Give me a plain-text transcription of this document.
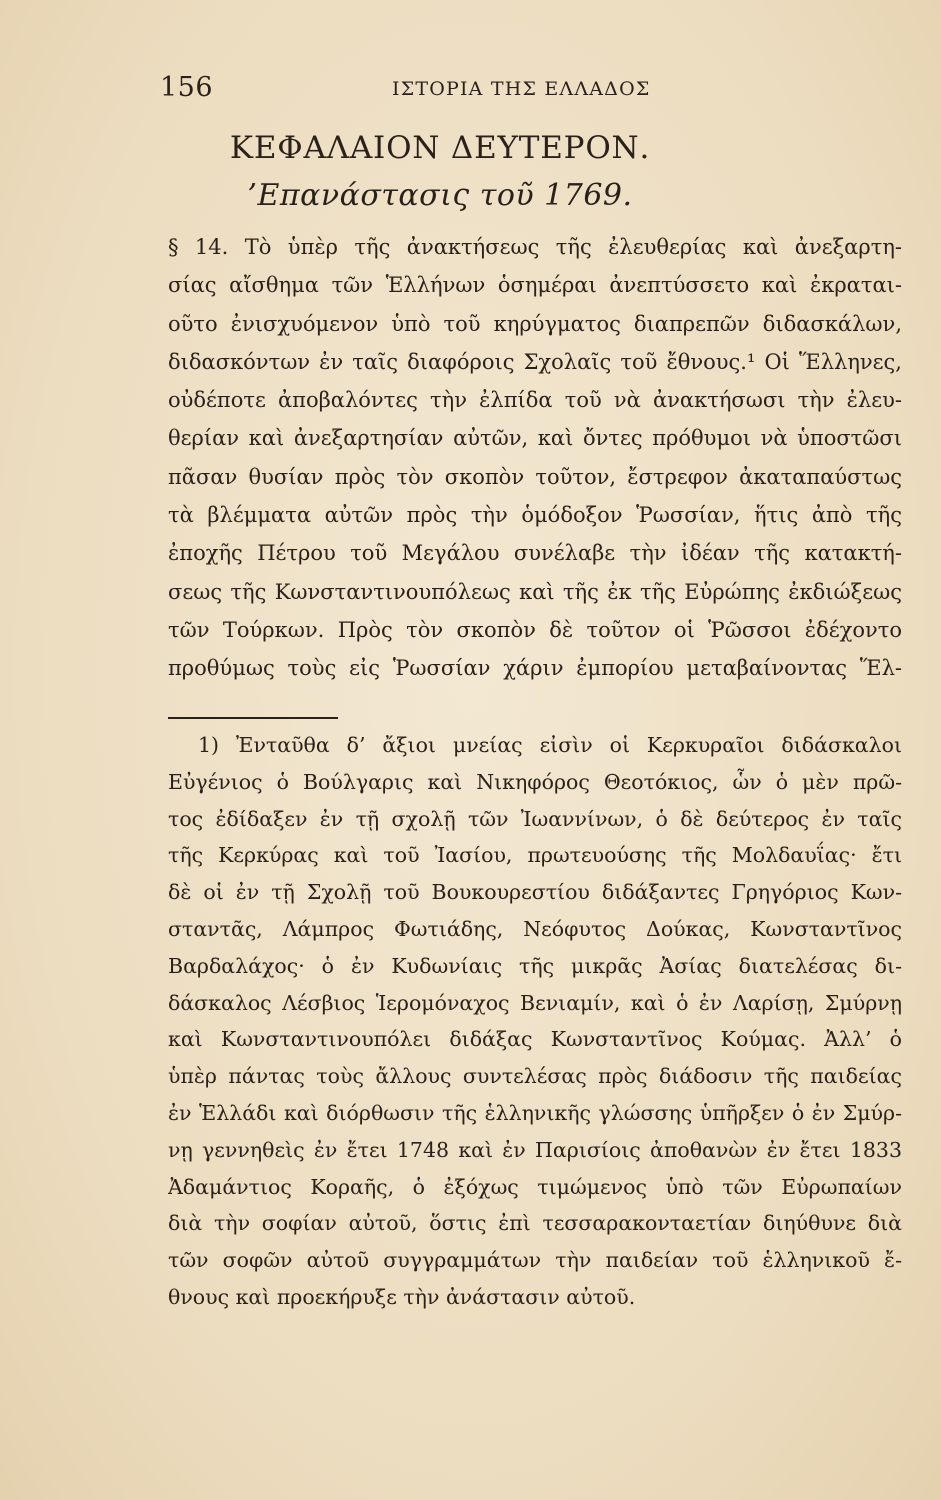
156	ΙΣΤΟΡΙΑ ΤΗΣ ΕΛΛΑΔΟΣ
ΚΕΦΑΛΑΙΟΝ ΔΕΥΤΕΡΟΝ.
’Επανάστασις τοῦ 1769.
§ 14. Τὸ ὑπὲρ τῆς ἀνακτήσεως τῆς ἐλευθερίας καὶ ἀνεξαρτη-
σίας αἴσθημα τῶν Ἑλλήνων ὁσημέραι ἀνεπτύσσετο καὶ ἐκραται-
οῦτο ἐνισχυόμενον ὑπὸ τοῦ κηρύγματος διαπρεπῶν διδασκάλων,
διδασκόντων ἐν ταῖς διαφόροις Σχολαῖς τοῦ ἔθνους.¹ Οἱ Ἕλληνες,
οὐδέποτε ἀποβαλόντες τὴν ἐλπίδα τοῦ νὰ ἀνακτήσωσι τὴν ἐλευ-
θερίαν καὶ ἀνεξαρτησίαν αὐτῶν, καὶ ὄντες πρόθυμοι νὰ ὑποστῶσι
πᾶσαν θυσίαν πρὸς τὸν σκοπὸν τοῦτον, ἔστρεφον ἀκαταπαύστως
τὰ βλέμματα αὐτῶν πρὸς τὴν ὁμόδοξον Ῥωσσίαν, ἥτις ἀπὸ τῆς
ἐποχῆς Πέτρου τοῦ Μεγάλου συνέλαβε τὴν ἰδέαν τῆς κατακτή-
σεως τῆς Κωνσταντινουπόλεως καὶ τῆς ἐκ τῆς Εὐρώπης ἐκδιώξεως
τῶν Τούρκων. Πρὸς τὸν σκοπὸν δὲ τοῦτον οἱ Ῥῶσσοι ἐδέχοντο
προθύμως τοὺς εἰς Ῥωσσίαν χάριν ἐμπορίου μεταβαίνοντας Ἕλ-
1) Ἐνταῦθα δ’ ἄξιοι μνείας εἰσὶν οἱ Κερκυραῖοι διδάσκαλοι
Εὐγένιος ὁ Βούλγαρις καὶ Νικηφόρος Θεοτόκιος, ὧν ὁ μὲν πρῶ-
τος ἐδίδαξεν ἐν τῇ σχολῇ τῶν Ἰωαννίνων, ὁ δὲ δεύτερος ἐν ταῖς
τῆς Κερκύρας καὶ τοῦ Ἰασίου, πρωτευούσης τῆς Μολδαυΐας· ἔτι
δὲ οἱ ἐν τῇ Σχολῇ τοῦ Βουκουρεστίου διδάξαντες Γρηγόριος Κων-
σταντᾶς, Λάμπρος Φωτιάδης, Νεόφυτος Δούκας, Κωνσταντῖνος
Βαρδαλάχος· ὁ ἐν Κυδωνίαις τῆς μικρᾶς Ἀσίας διατελέσας δι-
δάσκαλος Λέσβιος Ἱερομόναχος Βενιαμίν, καὶ ὁ ἐν Λαρίσῃ, Σμύρνῃ
καὶ Κωνσταντινουπόλει διδάξας Κωνσταντῖνος Κούμας. Ἀλλ’ ὁ
ὑπὲρ πάντας τοὺς ἄλλους συντελέσας πρὸς διάδοσιν τῆς παιδείας
ἐν Ἑλλάδι καὶ διόρθωσιν τῆς ἑλληνικῆς γλώσσης ὑπῆρξεν ὁ ἐν Σμύρ-
νῃ γεννηθεὶς ἐν ἔτει 1748 καὶ ἐν Παρισίοις ἀποθανὼν ἐν ἔτει 1833
Ἀδαμάντιος Κοραῆς, ὁ ἐξόχως τιμώμενος ὑπὸ τῶν Εὐρωπαίων
διὰ τὴν σοφίαν αὐτοῦ, ὅστις ἐπὶ τεσσαρακονταετίαν διηύθυνε διὰ
τῶν σοφῶν αὐτοῦ συγγραμμάτων τὴν παιδείαν τοῦ ἑλληνικοῦ ἔ-
θνους καὶ προεκήρυξε τὴν ἀνάστασιν αὐτοῦ.
